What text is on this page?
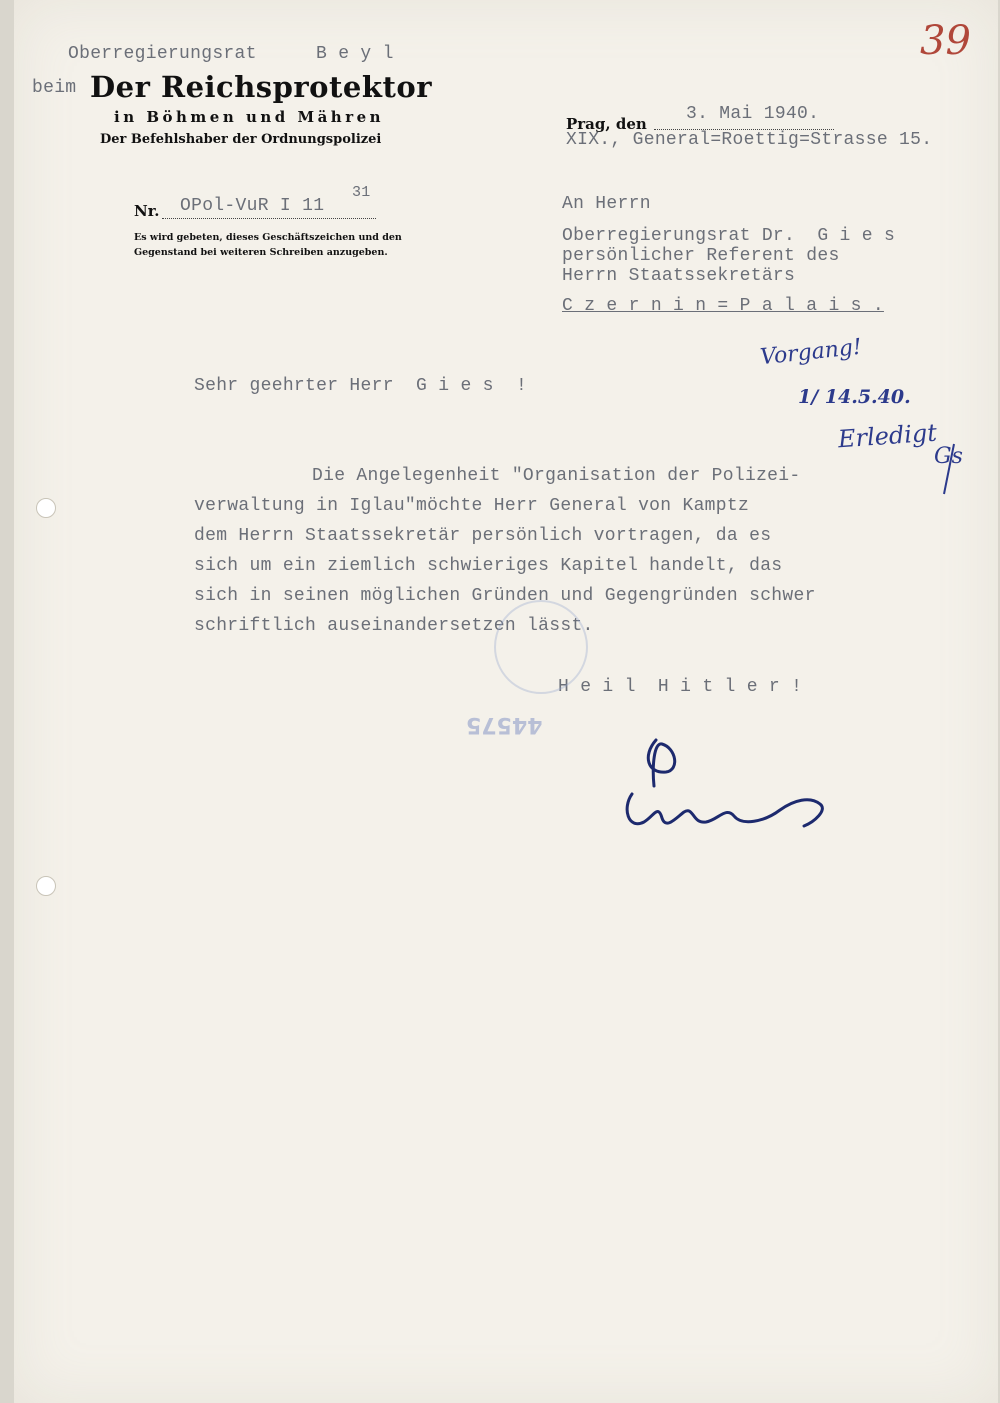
39
Oberregierungsrat	B e y l
beim Der Reichsprotektor
in Böhmen und Mähren
Der Befehlshaber der Ordnungspolizei
Nr. OPol-VuR I 11
31
Es wird gebeten, dieses Geschäftszeichen und den
Gegenstand bei weiteren Schreiben anzugeben.
Prag, den 3. Mai 1940.
XIX., General=Roettig=Strasse 15.
An Herrn
Oberregierungsrat Dr.  G i e s
persönlicher Referent des
Herrn Staatssekretärs
C z e r n i n = P a l a i s .
Vorgang!
1/ 14.5.40.
Erledigt
Gs
Sehr geehrter Herr  G i e s  !
Die Angelegenheit "Organisation der Polizei-
verwaltung in Iglau"möchte Herr General von Kamptz
dem Herrn Staatssekretär persönlich vortragen, da es
sich um ein ziemlich schwieriges Kapitel handelt, das
sich in seinen möglichen Gründen und Gegengründen schwer
schriftlich auseinandersetzen lässt.
H e i l  H i t l e r !
44575
